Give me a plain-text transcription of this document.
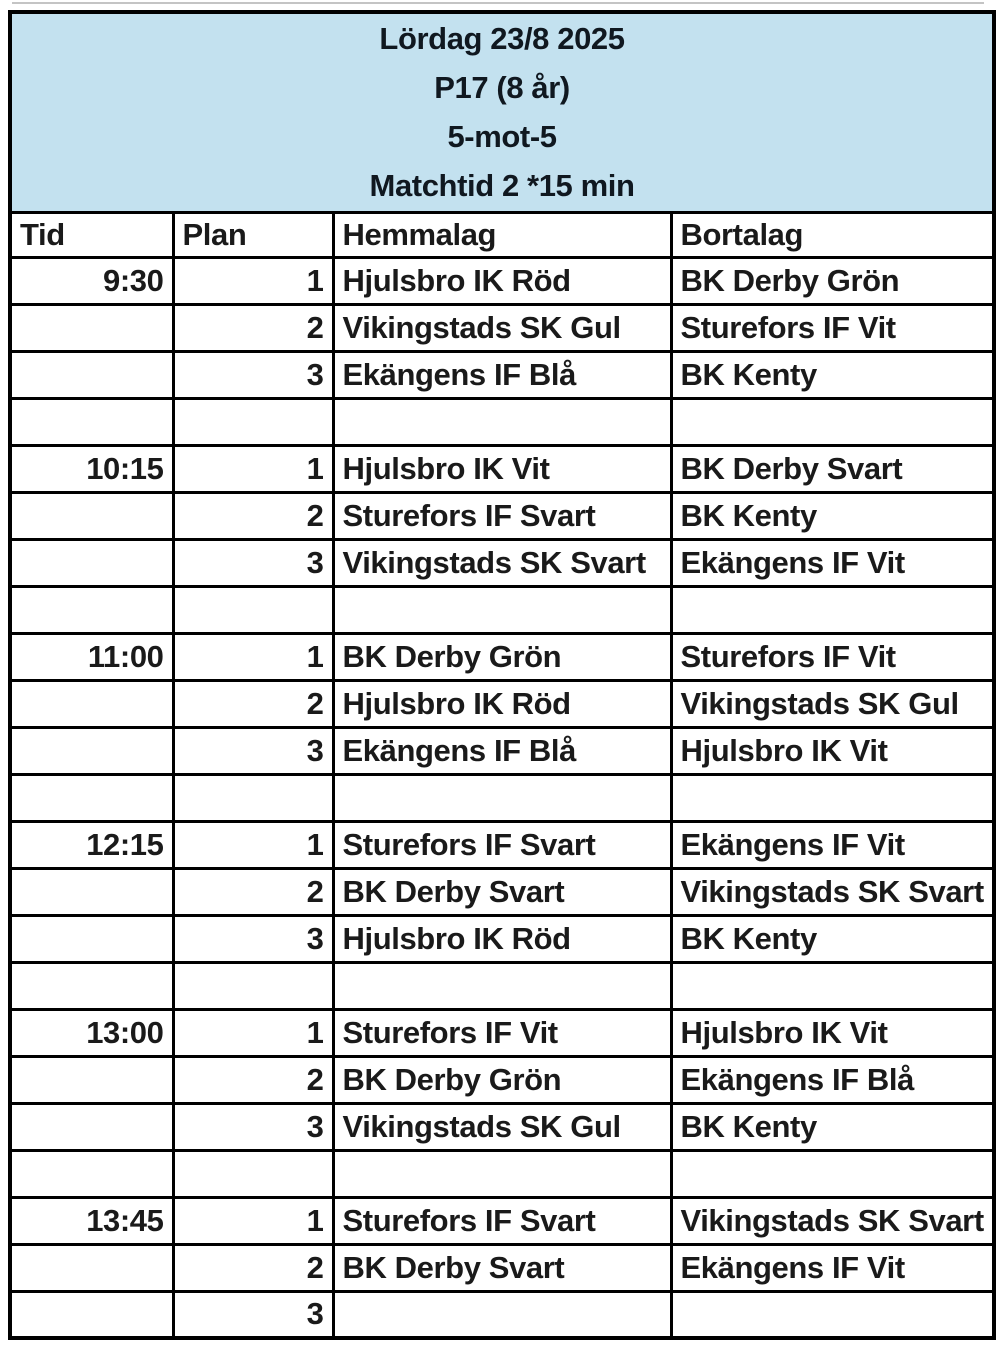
Lördag 23/8 2025
P17 (8 år)
5-mot-5
Matchtid 2 *15 min			

Tid	Plan	Hemmalag	Bortalag
9:30	1	Hjulsbro IK Röd	BK Derby Grön
	2	Vikingstads SK Gul	Sturefors IF Vit
	3	Ekängens IF Blå	BK Kenty

10:15	1	Hjulsbro IK Vit	BK Derby Svart
	2	Sturefors IF Svart	BK Kenty
	3	Vikingstads SK Svart	Ekängens IF Vit

11:00	1	BK Derby Grön	Sturefors IF Vit
	2	Hjulsbro IK Röd	Vikingstads SK Gul
	3	Ekängens IF Blå	Hjulsbro IK Vit

12:15	1	Sturefors IF Svart	Ekängens IF Vit
	2	BK Derby Svart	Vikingstads SK Svart
	3	Hjulsbro IK Röd	BK Kenty

13:00	1	Sturefors IF Vit	Hjulsbro IK Vit
	2	BK Derby Grön	Ekängens IF Blå
	3	Vikingstads SK Gul	BK Kenty

13:45	1	Sturefors IF Svart	Vikingstads SK Svart
	2	BK Derby Svart	Ekängens IF Vit
	3		
